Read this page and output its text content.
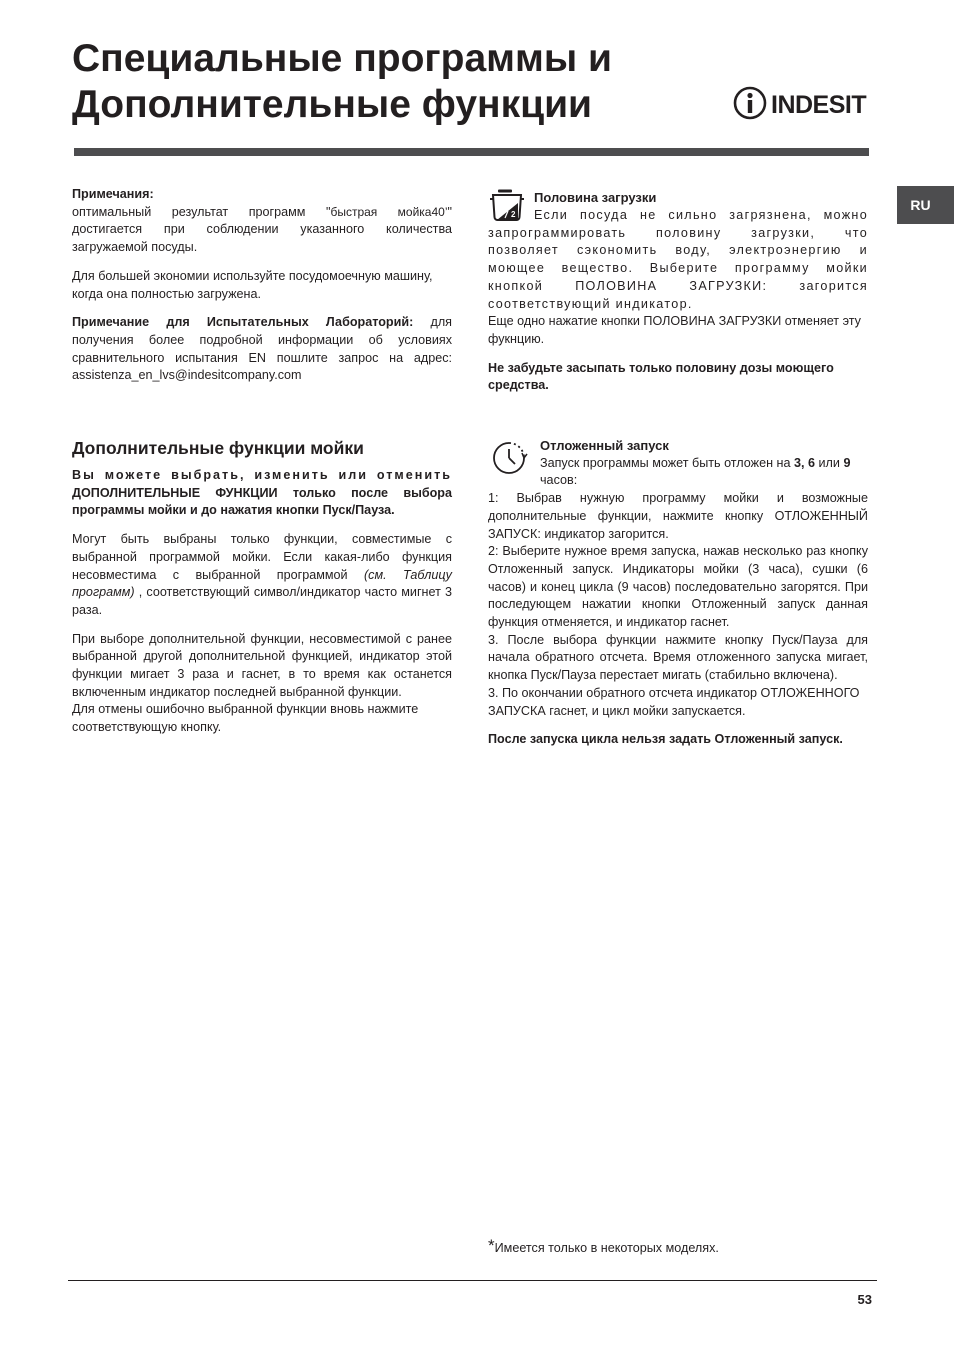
Специальные программы и
Дополнительные функции	INDESIT
RU

Примечания:

оптимальный результат программ "быстрая мойка40’" достигается при соблюдении указанного количества загружаемой посуды.

Для большей экономии используйте посудомоечную машину, когда она полностью загружена.

Примечание для Испытательных Лабораторий: для получения более подробной информации об условиях сравнительного испытания EN пошлите запрос на адрес: assistenza_en_lvs@indesitcompany.com

Дополнительные функции мойки

Вы можете выбрать, изменить или отменить ДОПОЛНИТЕЛЬНЫЕ ФУНКЦИИ только после выбора программы мойки и до нажатия кнопки Пуск/Пауза.

Могут быть выбраны только функции, совместимые с выбранной программой мойки. Если какая-либо функция несовместима с выбранной программой (см. Таблицу программ) , соответствующий символ/индикатор часто мигнет 3 раза.

При выборе дополнительной функции, несовместимой с ранее выбранной другой дополнительной функцией, индикатор этой функции мигает 3 раза и гаснет, в то время как останется включенным индикатор последней выбранной функции.

Для отмены ошибочно выбранной функции вновь нажмите соответствующую кнопку.

2

Половина загрузки

Если посуда не сильно загрязнена, можно запрограммировать половину загрузки, что позволяет сэкономить воду, электроэнергию и моющее вещество. Выберите программу мойки кнопкой ПОЛОВИНА ЗАГРУЗКИ: загорится соответствующий индикатор.

Еще одно нажатие кнопки ПОЛОВИНА ЗАГРУЗКИ отменяет эту фукнцию.

Не забудьте засыпать только половину дозы моющего средства.

Отложенный запуск

Запуск программы может быть отложен на 3, 6 или 9 часов:

1: Выбрав нужную программу мойки и возможные дополнительные функции, нажмите кнопку ОТЛОЖЕННЫЙ ЗАПУСК: индикатор загорится.

2: Выберите нужное время запуска, нажав несколько раз кнопку Отложенный запуск. Индикаторы мойки (3 часа), сушки (6 часов) и конец цикла (9 часов) последовательно загорятся. При последующем нажатии кнопки Отложенный запуск данная функция отменяется, и индикатор гаснет.

3. После выбора функции нажмите кнопку Пуск/Пауза для начала обратного отсчета. Время отложенного запуска мигает, кнопка Пуск/Пауза перестает мигать (стабильно включена).

3. По окончании обратного отсчета индикатор ОТЛОЖЕННОГО ЗАПУСКА гаснет, и цикл мойки запускается.

После запуска цикла нельзя задать Отложенный запуск.

*Имеется только в некоторых моделях.
53
